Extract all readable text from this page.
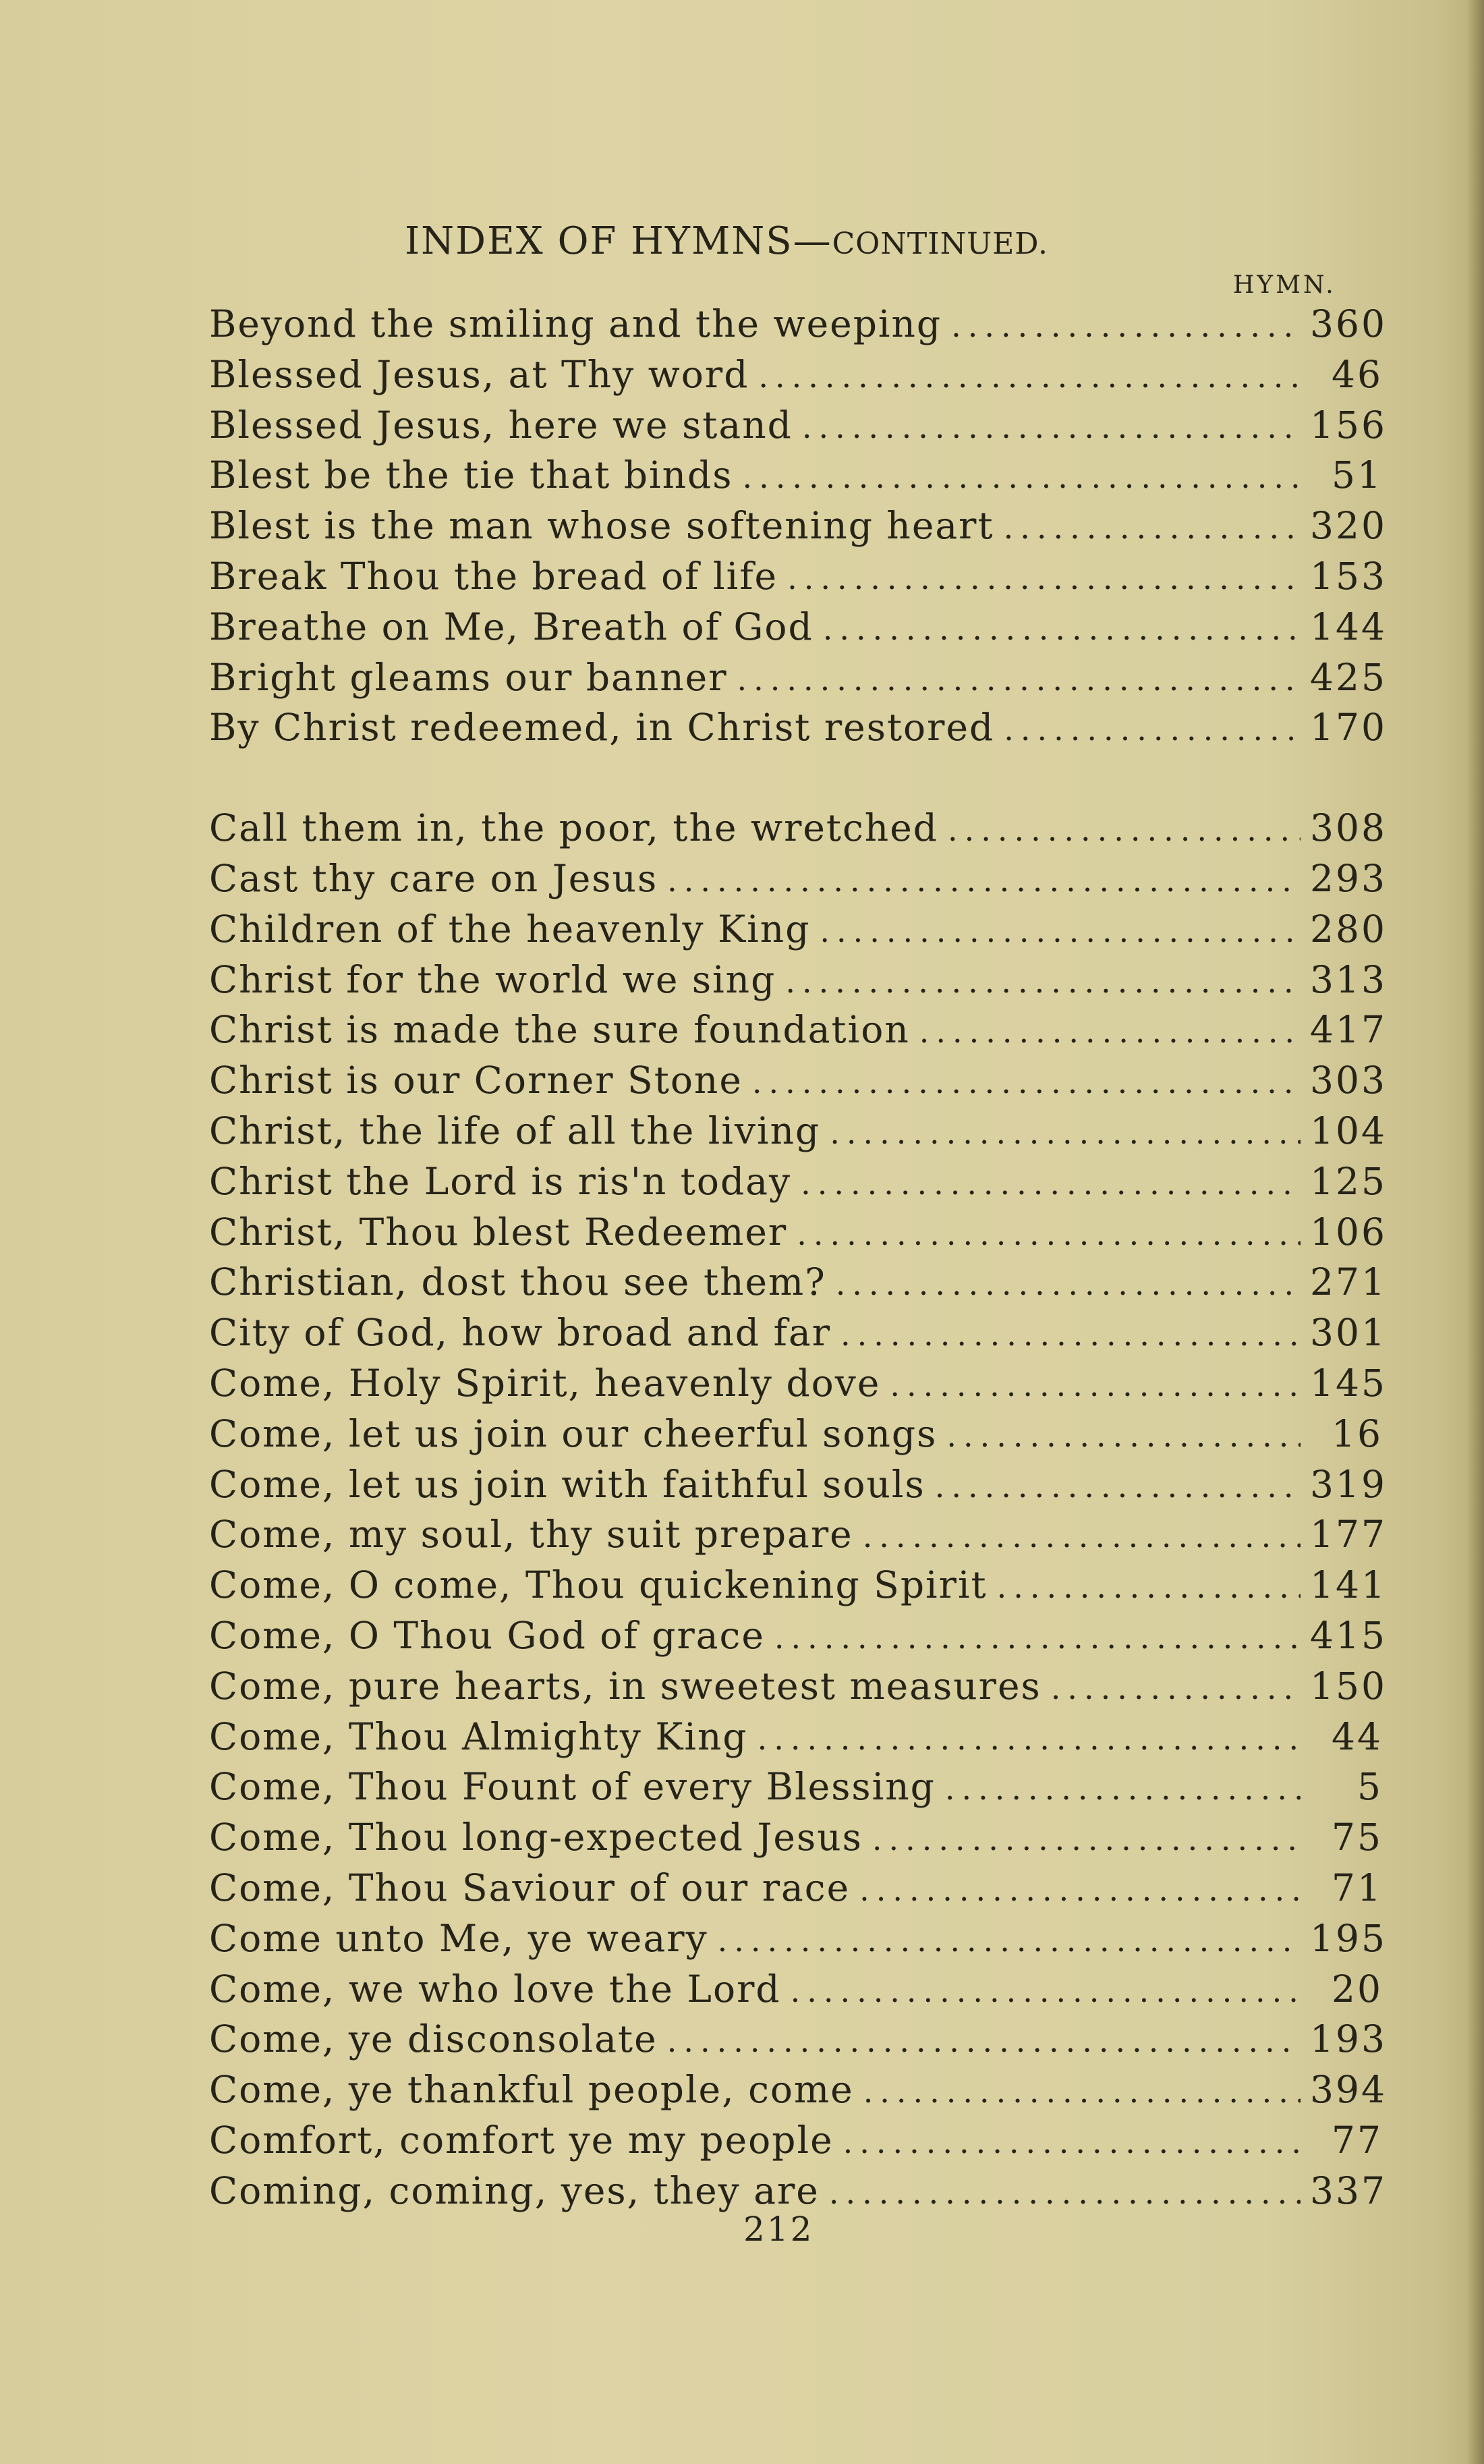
INDEX OF HYMNS—CONTINUED.
HYMN.
Beyond the smiling and the weeping .....	360
Blessed Jesus, at Thy word .....	46
Blessed Jesus, here we stand .....	156
Blest be the tie that binds .....	51
Blest is the man whose softening heart .....	320
Break Thou the bread of life .....	153
Breathe on Me, Breath of God .....	144
Bright gleams our banner .....	425
By Christ redeemed, in Christ restored .....	170
Call them in, the poor, the wretched .....	308
Cast thy care on Jesus .....	293
Children of the heavenly King .....	280
Christ for the world we sing .....	313
Christ is made the sure foundation .....	417
Christ is our Corner Stone .....	303
Christ, the life of all the living .....	104
Christ the Lord is ris'n today .....	125
Christ, Thou blest Redeemer .....	106
Christian, dost thou see them? .....	271
City of God, how broad and far .....	301
Come, Holy Spirit, heavenly dove .....	145
Come, let us join our cheerful songs .....	16
Come, let us join with faithful souls .....	319
Come, my soul, thy suit prepare .....	177
Come, O come, Thou quickening Spirit .....	141
Come, O Thou God of grace .....	415
Come, pure hearts, in sweetest measures .....	150
Come, Thou Almighty King .....	44
Come, Thou Fount of every Blessing .....	5
Come, Thou long-expected Jesus .....	75
Come, Thou Saviour of our race .....	71
Come unto Me, ye weary .....	195
Come, we who love the Lord .....	20
Come, ye disconsolate .....	193
Come, ye thankful people, come .....	394
Comfort, comfort ye my people .....	77
Coming, coming, yes, they are .....	337
212
